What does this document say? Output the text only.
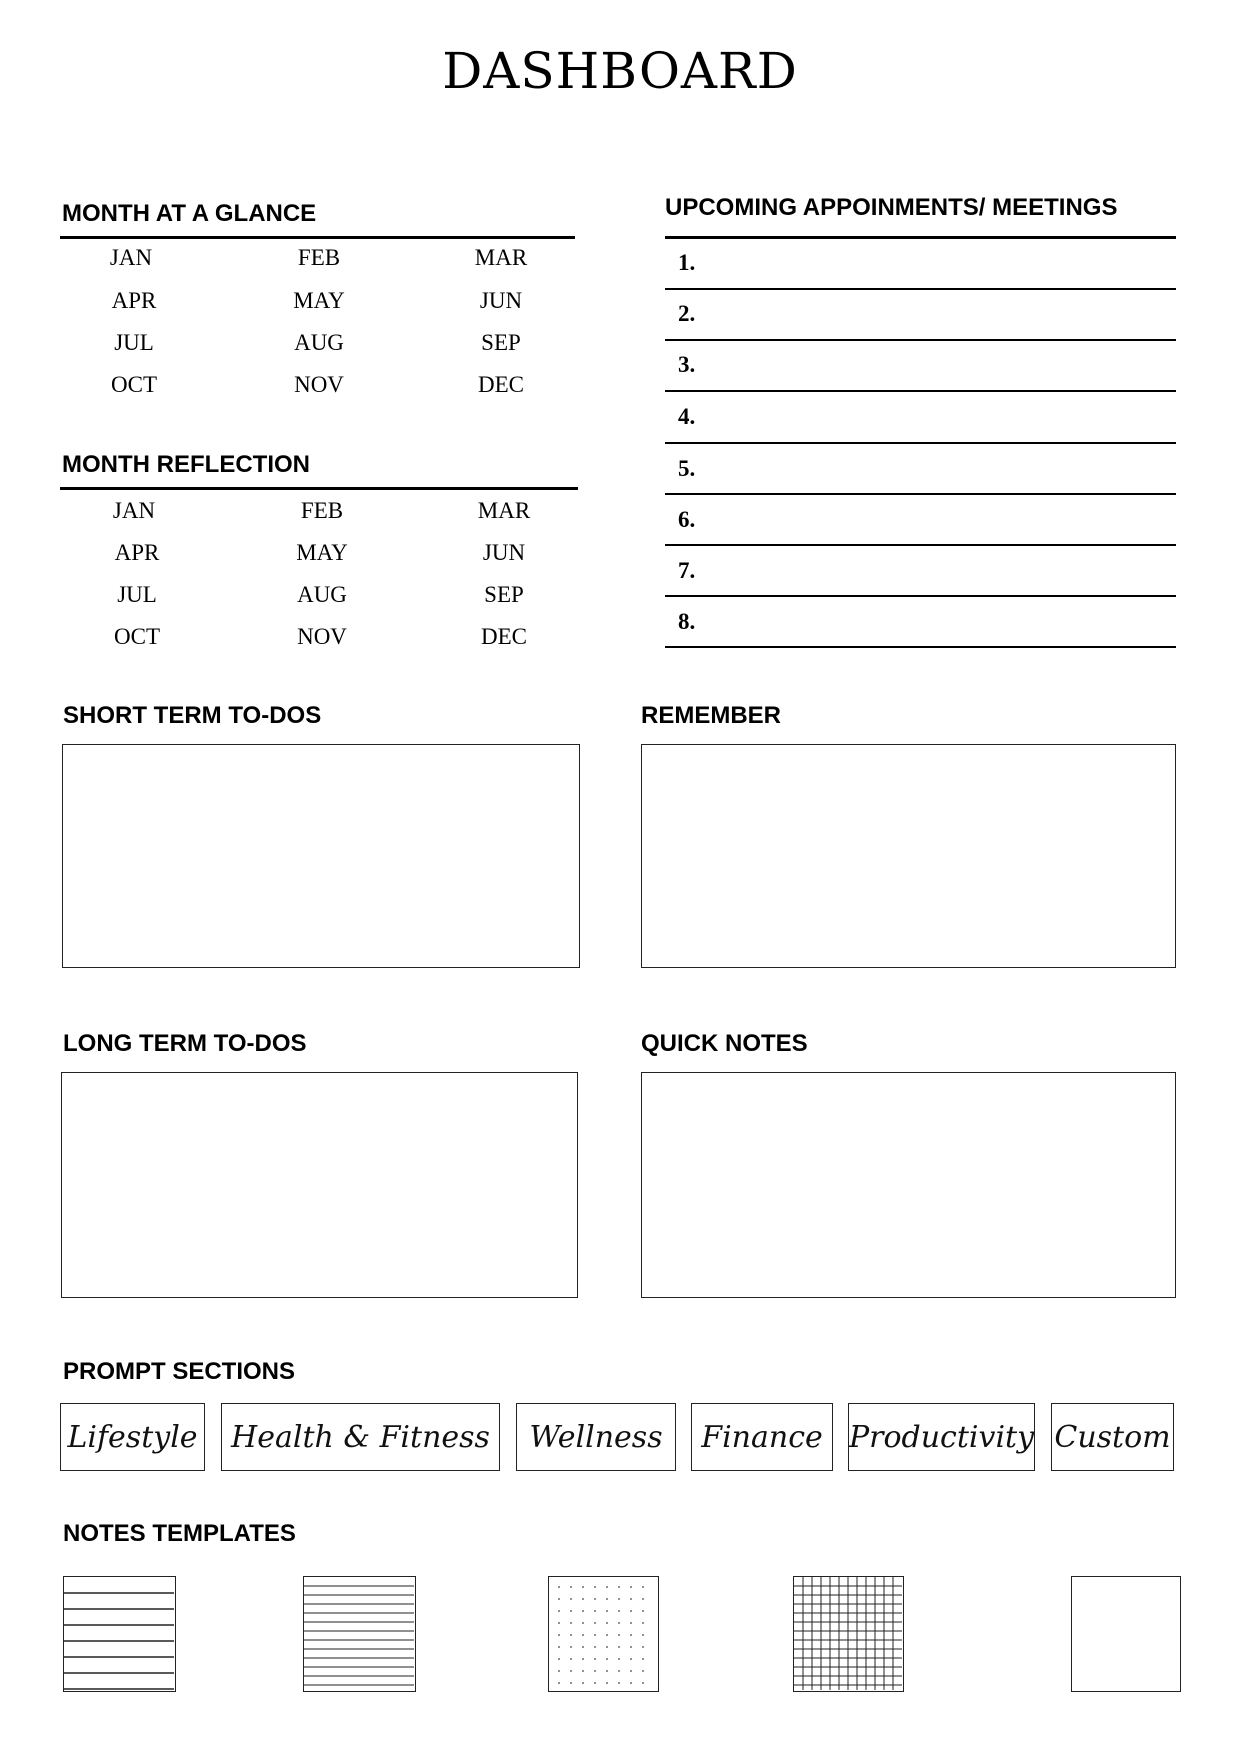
DASHBOARD
MONTH AT A GLANCE
JAN	FEB	MAR
APR	MAY	JUN
JUL	AUG	SEP
OCT	NOV	DEC
MONTH REFLECTION
JAN	FEB	MAR
APR	MAY	JUN
JUL	AUG	SEP
OCT	NOV	DEC
UPCOMING APPOINMENTS/ MEETINGS
1.
2.
3.
4.
5.
6.
7.
8.
SHORT TERM TO-DOS	REMEMBER
LONG TERM TO-DOS	QUICK NOTES
PROMPT SECTIONS
Lifestyle	Health & Fitness	Wellness	Finance Productivity Custom
NOTES TEMPLATES
